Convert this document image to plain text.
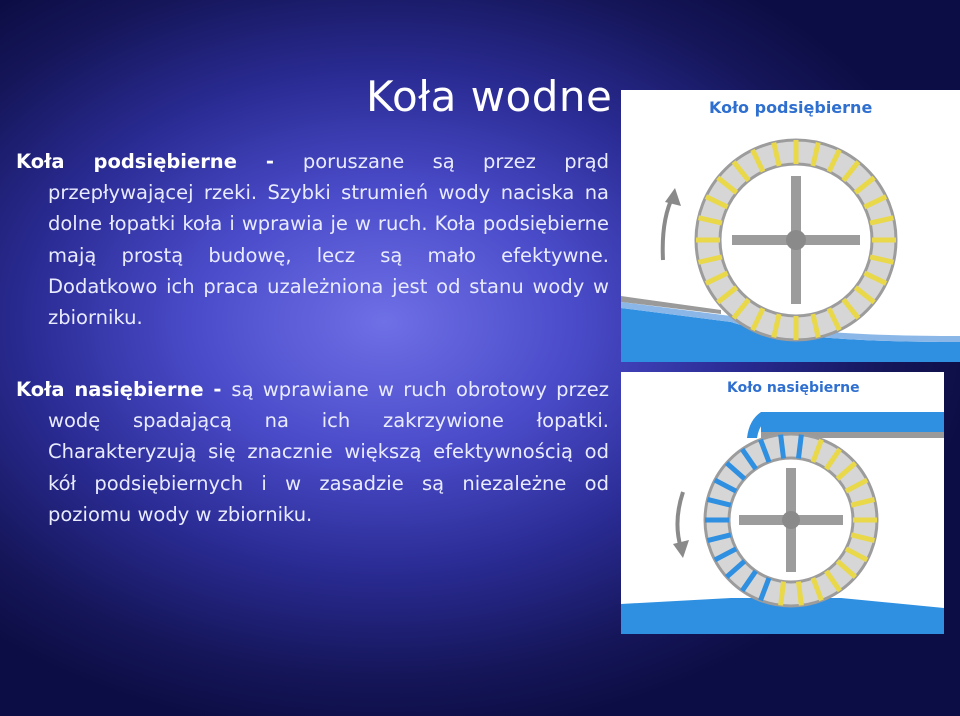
Koła wodne
Koła podsiębierne - poruszane są przez prąd przepływającej rzeki. Szybki strumień wody naciska na dolne łopatki koła i wprawia je w ruch. Koła podsiębierne mają prostą budowę, lecz są mało efektywne. Dodatkowo ich praca uzależniona jest od stanu wody w zbiorniku.
Koła nasiębierne - są wprawiane w ruch obrotowy przez wodę spadającą na ich zakrzywione łopatki. Charakteryzują się znacznie większą efektywnością od kół podsiębiernych i w zasadzie są niezależne od poziomu wody w zbiorniku.
Koło podsiębierne
Koło nasiębierne
